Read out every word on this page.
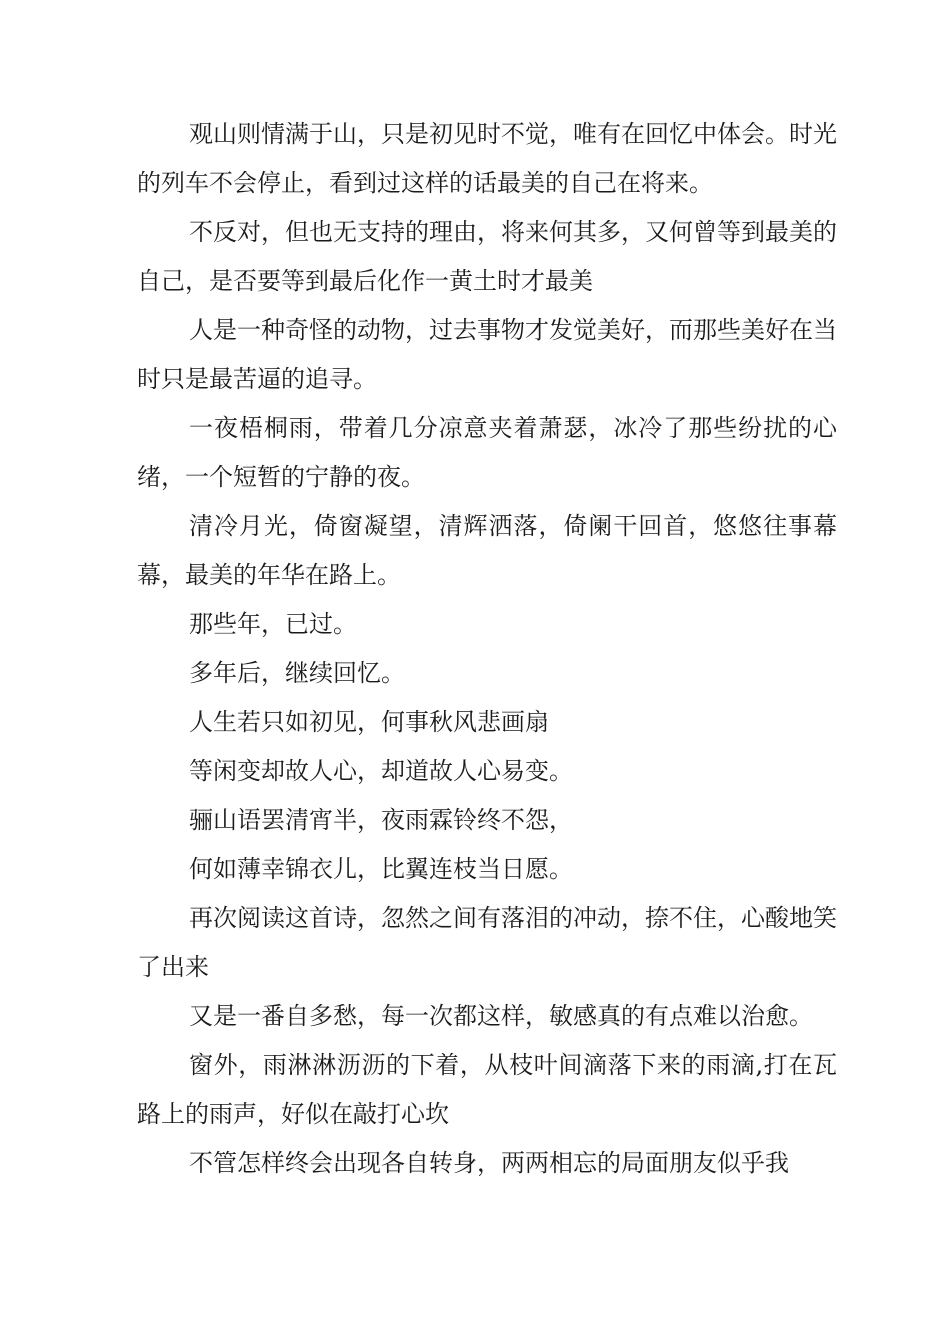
观山则情满于山，只是初见时不觉，唯有在回忆中体会。时光的列车不会停止，看到过这样的话最美的自己在将来。

不反对，但也无支持的理由，将来何其多，又何曾等到最美的自己，是否要等到最后化作一黄土时才最美

人是一种奇怪的动物，过去事物才发觉美好，而那些美好在当时只是最苦逼的追寻。

一夜梧桐雨，带着几分凉意夹着萧瑟，冰冷了那些纷扰的心绪，一个短暂的宁静的夜。

清冷月光，倚窗凝望，清辉洒落，倚阑干回首，悠悠往事幕幕，最美的年华在路上。

那些年，已过。

多年后，继续回忆。

人生若只如初见，何事秋风悲画扇

等闲变却故人心，却道故人心易变。

骊山语罢清宵半，夜雨霖铃终不怨，

何如薄幸锦衣儿，比翼连枝当日愿。

再次阅读这首诗，忽然之间有落泪的冲动，捺不住，心酸地笑了出来

又是一番自多愁，每一次都这样，敏感真的有点难以治愈。

窗外，雨淋淋沥沥的下着，从枝叶间滴落下来的雨滴,打在瓦路上的雨声，好似在敲打心坎

不管怎样终会出现各自转身，两两相忘的局面朋友似乎我
